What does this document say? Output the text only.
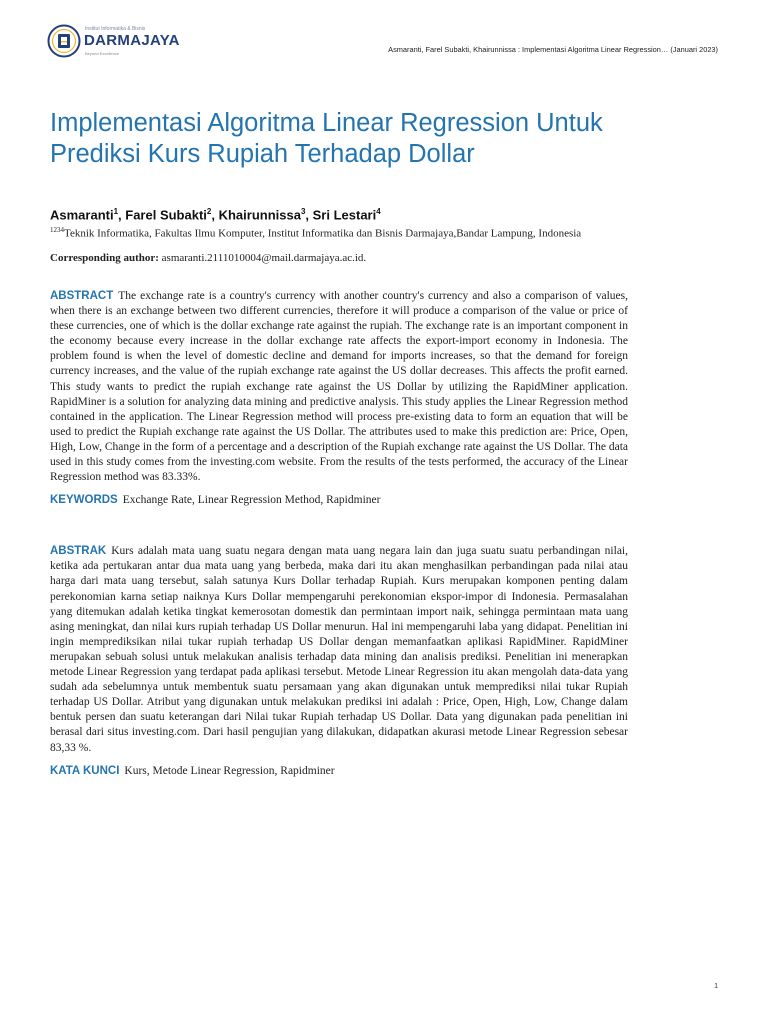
Institut Informatika & Bisnis
DARMAJAYA
Beyond Excellence	Asmaranti, Farel Subakti, Khairunnissa : Implementasi Algoritma Linear Regression… (Januari 2023)
Implementasi Algoritma Linear Regression Untuk Prediksi Kurs Rupiah Terhadap Dollar
Asmaranti$^1$, Farel Subakti$^2$, Khairunnissa$^3$, Sri Lestari$^4$
$^{1234}$Teknik Informatika, Fakultas Ilmu Komputer, Institut Informatika dan Bisnis Darmajaya,Bandar Lampung, Indonesia
Corresponding author: asmaranti.2111010004@mail.darmajaya.ac.id.
ABSTRACT The exchange rate is a country's currency with another country's currency and also a comparison of values, when there is an exchange between two different currencies, therefore it will produce a comparison of the value or price of these currencies, one of which is the dollar exchange rate against the rupiah. The exchange rate is an important component in the economy because every increase in the dollar exchange rate affects the export-import economy in Indonesia. The problem found is when the level of domestic decline and demand for imports increases, so that the demand for foreign currency increases, and the value of the rupiah exchange rate against the US dollar decreases. This affects the profit earned. This study wants to predict the rupiah exchange rate against the US Dollar by utilizing the RapidMiner application. RapidMiner is a solution for analyzing data mining and predictive analysis. This study applies the Linear Regression method contained in the application. The Linear Regression method will process pre-existing data to form an equation that will be used to predict the Rupiah exchange rate against the US Dollar. The attributes used to make this prediction are: Price, Open, High, Low, Change in the form of a percentage and a description of the Rupiah exchange rate against the US Dollar. The data used in this study comes from the investing.com website. From the results of the tests performed, the accuracy of the Linear Regression method was 83.33%.
KEYWORDS Exchange Rate, Linear Regression Method, Rapidminer
ABSTRAK Kurs adalah mata uang suatu negara dengan mata uang negara lain dan juga suatu suatu perbandingan nilai, ketika ada pertukaran antar dua mata uang yang berbeda, maka dari itu akan menghasilkan perbandingan pada nilai atau harga dari mata uang tersebut, salah satunya Kurs Dollar terhadap Rupiah. Kurs merupakan komponen penting dalam perekonomian karna setiap naiknya Kurs Dollar mempengaruhi perekonomian ekspor-impor di Indonesia. Permasalahan yang ditemukan adalah ketika tingkat kemerosotan domestik dan permintaan import naik, sehingga permintaan mata uang asing meningkat, dan nilai kurs rupiah terhadap US Dollar menurun. Hal ini mempengaruhi laba yang didapat. Penelitian ini ingin memprediksikan nilai tukar rupiah terhadap US Dollar dengan memanfaatkan aplikasi RapidMiner. RapidMiner merupakan sebuah solusi untuk melakukan analisis terhadap data mining dan analisis prediksi. Penelitian ini menerapkan metode Linear Regression yang terdapat pada aplikasi tersebut. Metode Linear Regression itu akan mengolah data-data yang sudah ada sebelumnya untuk membentuk suatu persamaan yang akan digunakan untuk memprediksi nilai tukar Rupiah terhadap US Dollar. Atribut yang digunakan untuk melakukan prediksi ini adalah : Price, Open, High, Low, Change dalam bentuk persen dan suatu keterangan dari Nilai tukar Rupiah terhadap US Dollar. Data yang digunakan pada penelitian ini berasal dari situs investing.com. Dari hasil pengujian yang dilakukan, didapatkan akurasi metode Linear Regression sebesar 83,33 %.
KATA KUNCI Kurs, Metode Linear Regression, Rapidminer
1
